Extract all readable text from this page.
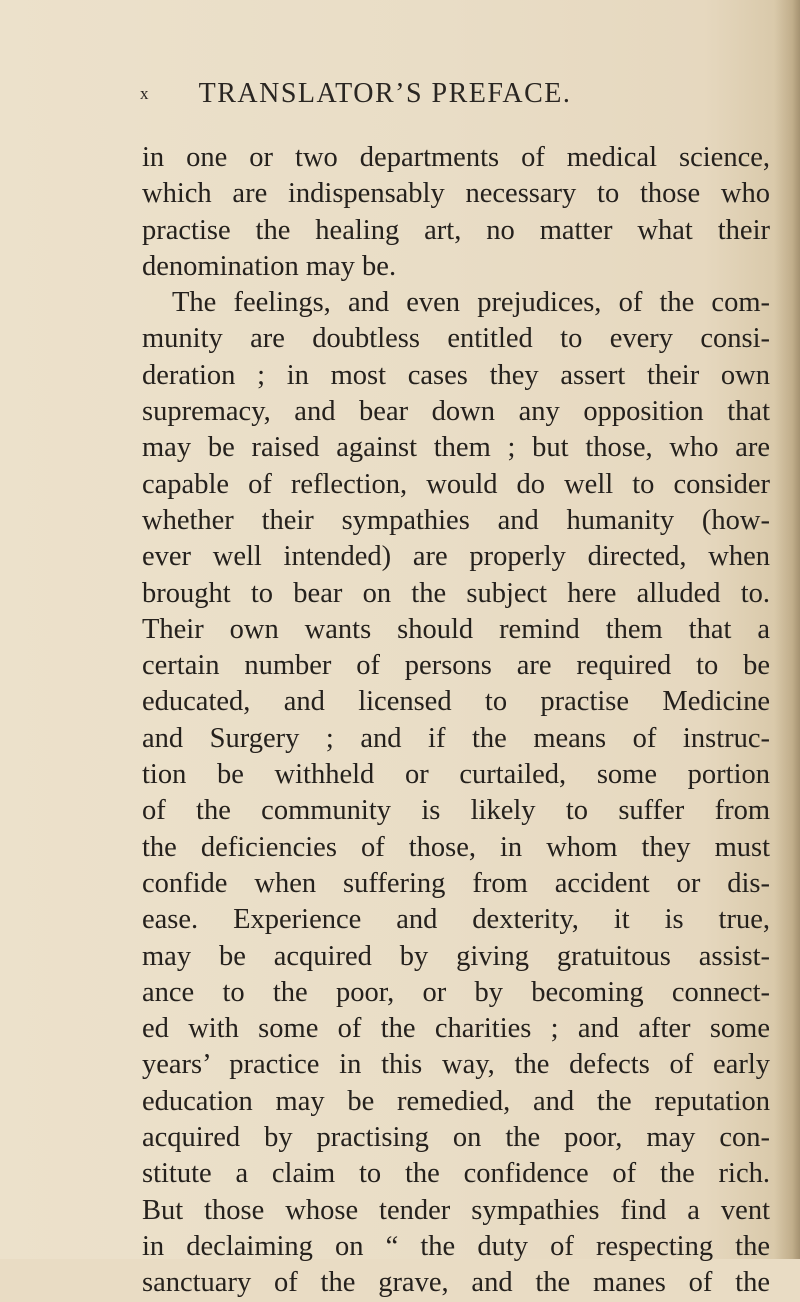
x	TRANSLATOR’S PREFACE.
in one or two departments of medical science,
which are indispensably necessary to those who
practise the healing art, no matter what their
denomination may be.
The feelings, and even prejudices, of the com-
munity are doubtless entitled to every consi-
deration ; in most cases they assert their own
supremacy, and bear down any opposition that
may be raised against them ; but those, who are
capable of reflection, would do well to consider
whether their sympathies and humanity (how-
ever well intended) are properly directed, when
brought to bear on the subject here alluded to.
Their own wants should remind them that a
certain number of persons are required to be
educated, and licensed to practise Medicine
and Surgery ; and if the means of instruc-
tion be withheld or curtailed, some portion
of the community is likely to suffer from
the deficiencies of those, in whom they must
confide when suffering from accident or dis-
ease. Experience and dexterity, it is true,
may be acquired by giving gratuitous assist-
ance to the poor, or by becoming connect-
ed with some of the charities ; and after some
years’ practice in this way, the defects of early
education may be remedied, and the reputation
acquired by practising on the poor, may con-
stitute a claim to the confidence of the rich.
But those whose tender sympathies find a vent
in declaiming on “ the duty of respecting the
sanctuary of the grave, and the manes of the
